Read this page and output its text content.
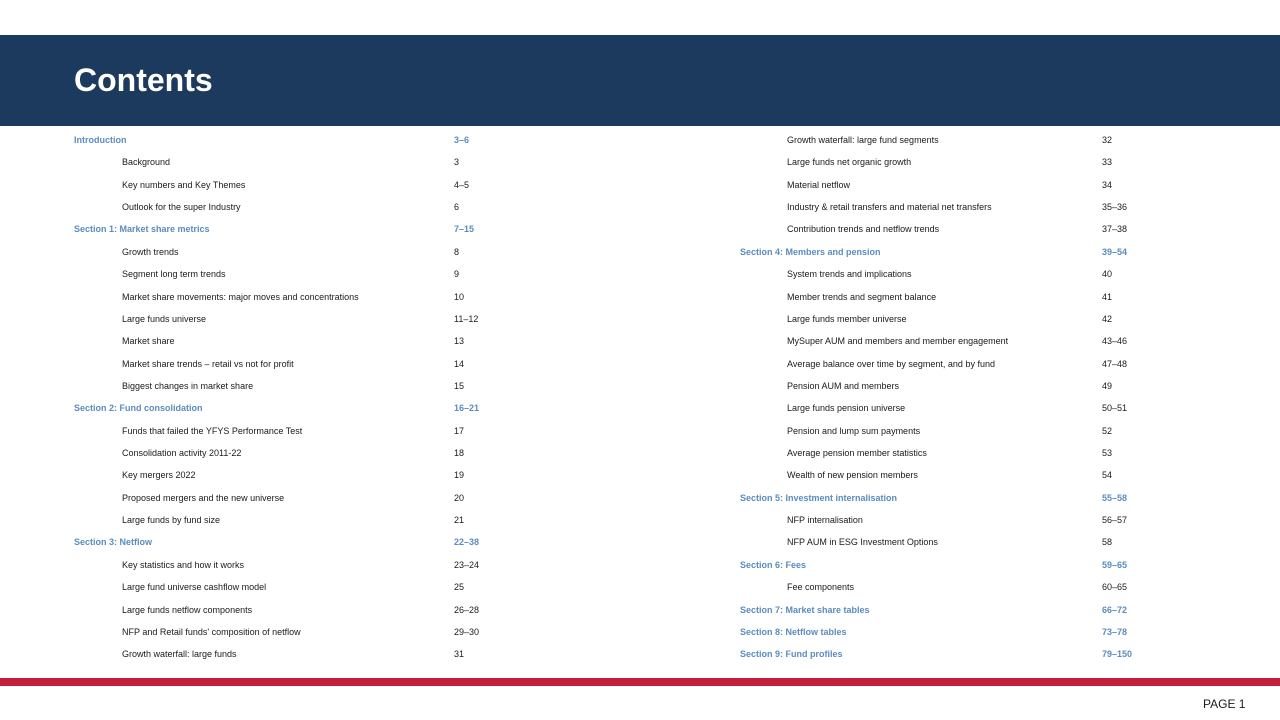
Contents
Introduction	3–6
Background	3
Key numbers and Key Themes	4–5
Outlook for the super Industry	6
Section 1: Market share metrics	7–15
Growth trends	8
Segment long term trends	9
Market share movements: major moves and concentrations	10
Large funds universe	11–12
Market share	13
Market share trends – retail vs not for profit	14
Biggest changes in market share	15
Section 2: Fund consolidation	16–21
Funds that failed the YFYS Performance Test	17
Consolidation activity 2011-22	18
Key mergers 2022	19
Proposed mergers and the new universe	20
Large funds by fund size	21
Section 3: Netflow	22–38
Key statistics and how it works	23–24
Large fund universe cashflow model	25
Large funds netflow components	26–28
NFP and Retail funds' composition of netflow	29–30
Growth waterfall: large funds	31
Growth waterfall: large fund segments	32
Large funds net organic growth	33
Material netflow	34
Industry & retail transfers and material net transfers	35–36
Contribution trends and netflow trends	37–38
Section 4: Members and pension	39–54
System trends and implications	40
Member trends and segment balance	41
Large funds member universe	42
MySuper AUM and members and member engagement	43–46
Average balance over time by segment, and by fund	47–48
Pension AUM and members	49
Large funds pension universe	50–51
Pension and lump sum payments	52
Average pension member statistics	53
Wealth of new pension members	54
Section 5: Investment internalisation	55–58
NFP internalisation	56–57
NFP AUM in ESG Investment Options	58
Section 6: Fees	59–65
Fee components	60–65
Section 7: Market share tables	66–72
Section 8: Netflow tables	73–78
Section 9: Fund profiles	79–150
PAGE 1
